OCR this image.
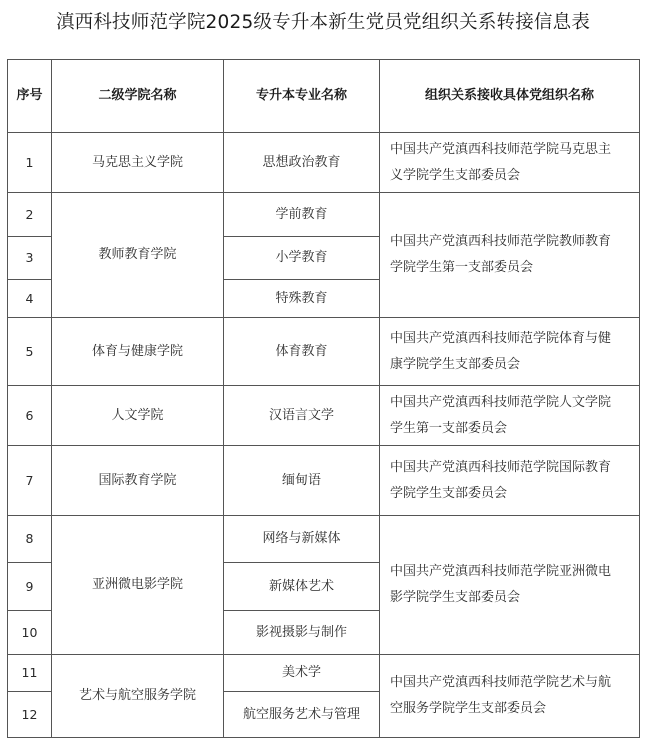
滇西科技师范学院2025级专升本新生党员党组织关系转接信息表
序号	二级学院名称	专升本专业名称	组织关系接收具体党组织名称
1	马克思主义学院	思想政治教育	中国共产党滇西科技师范学院马克思主
义学院学生支部委员会

2	教师教育学院	学前教育	中国共产党滇西科技师范学院教师教育
学院学生第一支部委员会

3		小学教育	
4		特殊教育	
5	体育与健康学院	体育教育	中国共产党滇西科技师范学院体育与健
康学院学生支部委员会

6	人文学院	汉语言文学	中国共产党滇西科技师范学院人文学院
学生第一支部委员会

7	国际教育学院	缅甸语	中国共产党滇西科技师范学院国际教育
学院学生支部委员会

8	亚洲微电影学院	网络与新媒体	中国共产党滇西科技师范学院亚洲微电
影学院学生支部委员会

9		新媒体艺术	
10		影视摄影与制作	
11	艺术与航空服务学院	美术学	中国共产党滇西科技师范学院艺术与航
空服务学院学生支部委员会

12		航空服务艺术与管理	
